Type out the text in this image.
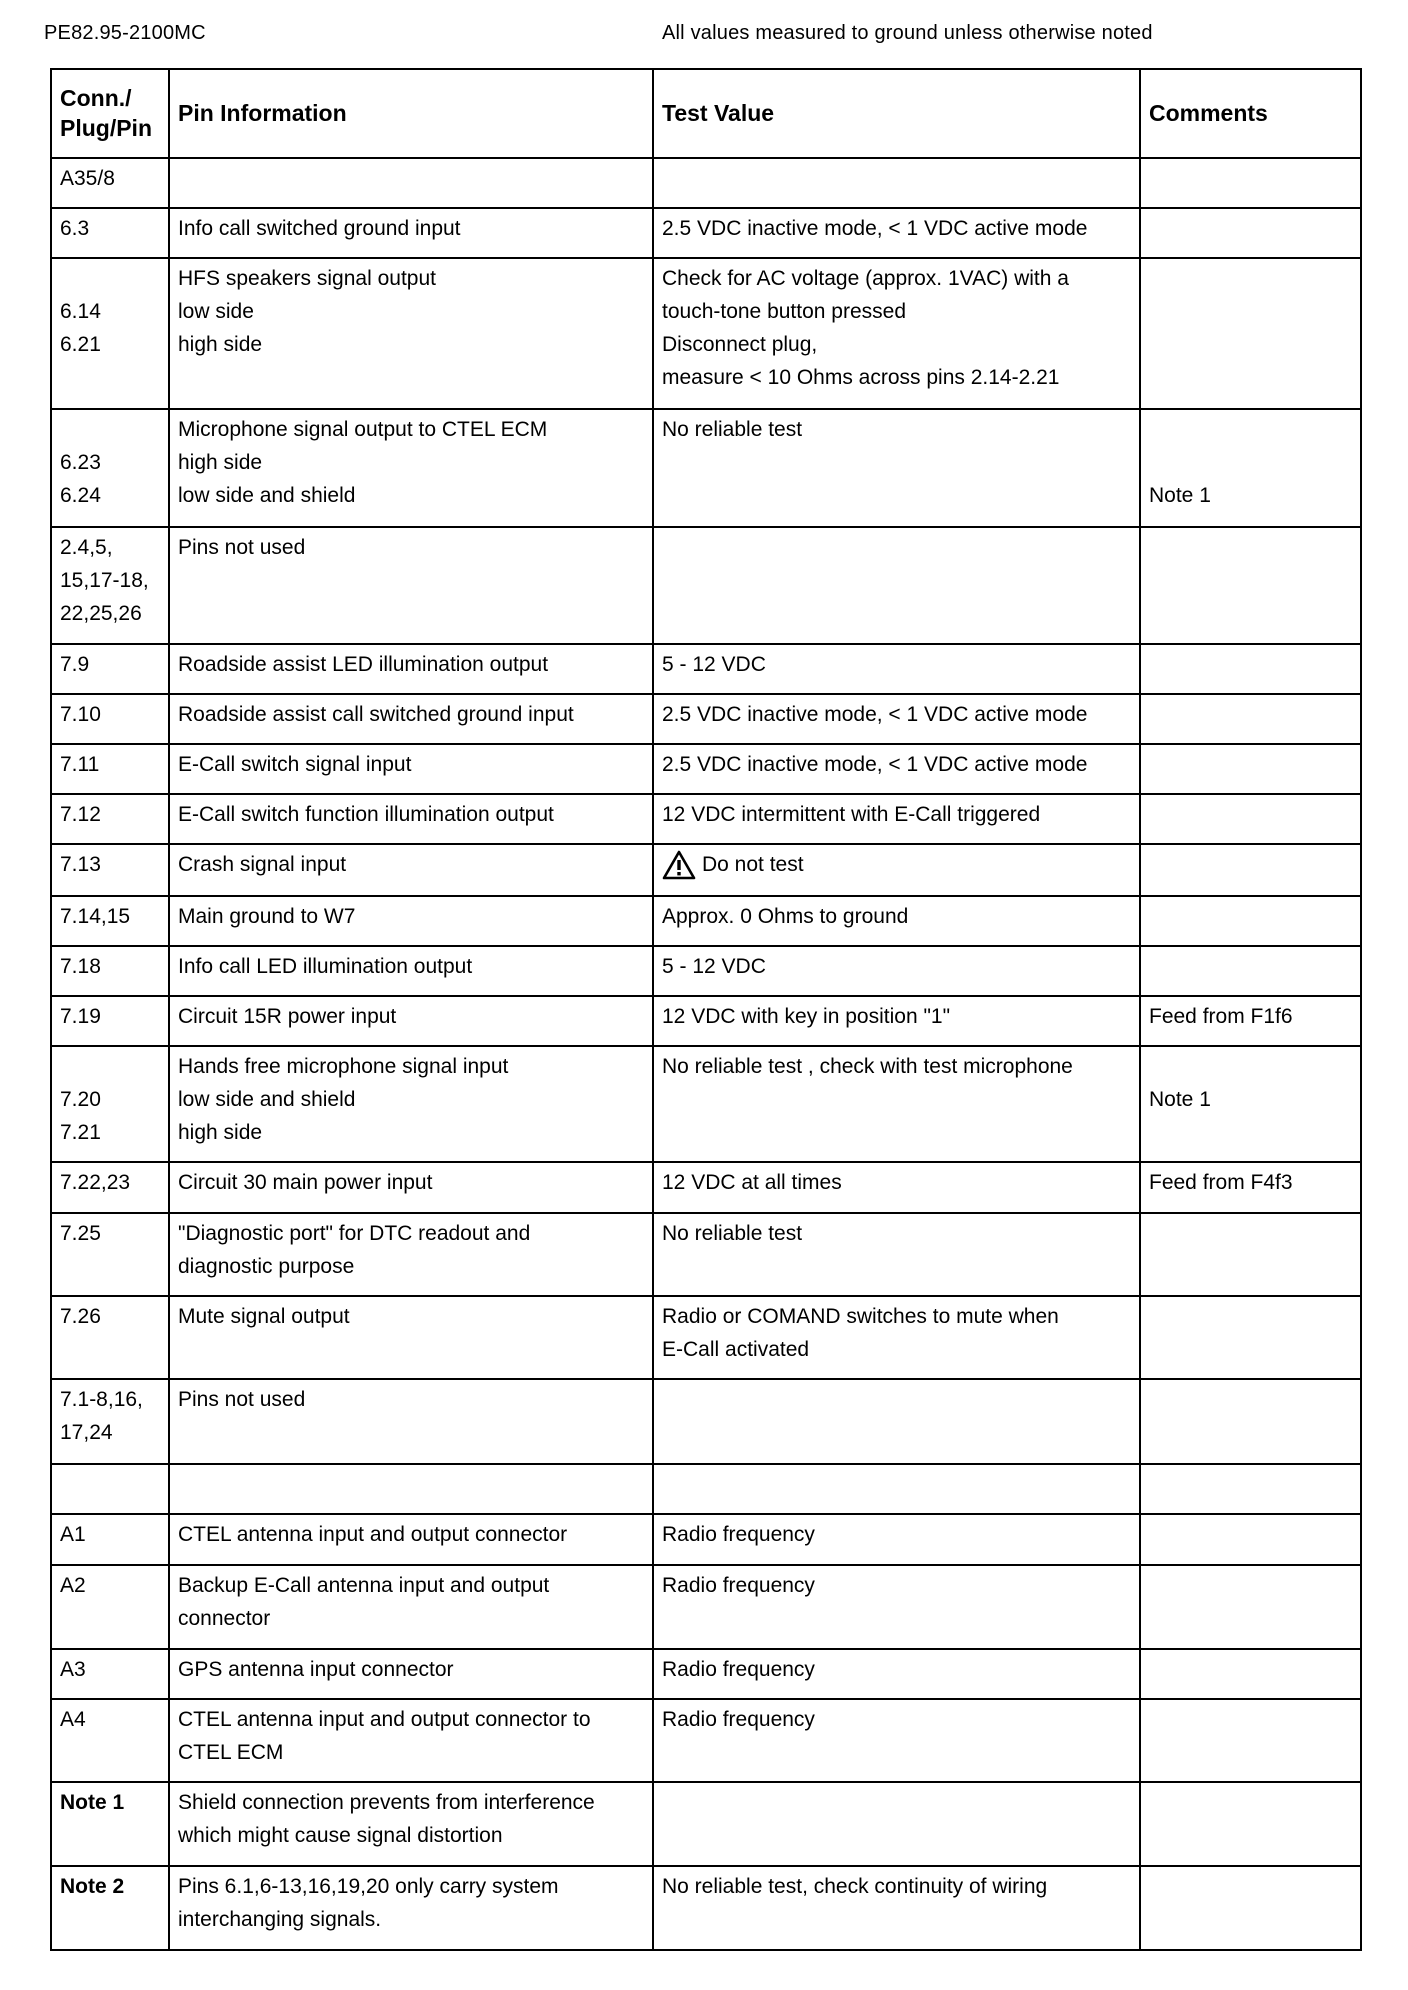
PE82.95-2100MC	All values measured to ground unless otherwise noted
Conn./ Plug/Pin	Pin Information	Test Value	Comments

A35/8			

6.3	Info call switched ground input	2.5 VDC inactive mode, < 1 VDC active mode	

6.14
6.21	HFS speakers signal output
low side
high side	Check for AC voltage (approx. 1VAC) with a
touch-tone button pressed
Disconnect plug,
measure < 10 Ohms across pins 2.14-2.21	

6.23
6.24	Microphone signal output to CTEL ECM
high side
low side and shield	No reliable test	Note 1

2.4,5,
15,17-18,
22,25,26	Pins not used		

7.9	Roadside assist LED illumination output	5 - 12 VDC	

7.10	Roadside assist call switched ground input	2.5 VDC inactive mode, < 1 VDC active mode	

7.11	E-Call switch signal input	2.5 VDC inactive mode, < 1 VDC active mode	

7.12	E-Call switch function illumination output	12 VDC intermittent with E-Call triggered	

7.13	Crash signal input	Do not test	

7.14,15	Main ground to W7	Approx. 0 Ohms to ground	

7.18	Info call LED illumination output	5 - 12 VDC	

7.19	Circuit 15R power input	12 VDC with key in position "1"	Feed from F1f6

7.20
7.21	Hands free microphone signal input
low side and shield
high side	No reliable test , check with test microphone	Note 1

7.22,23	Circuit 30 main power input	12 VDC at all times	Feed from F4f3

7.25	"Diagnostic port" for DTC readout and
diagnostic purpose	No reliable test	

7.26	Mute signal output	Radio or COMAND switches to mute when
E-Call activated	

7.1-8,16,
17,24	Pins not used		

A1	CTEL antenna input and output connector	Radio frequency	

A2	Backup E-Call antenna input and output
connector	Radio frequency	

A3	GPS antenna input connector	Radio frequency	

A4	CTEL antenna input and output connector to
CTEL ECM	Radio frequency	

Note 1	Shield connection prevents from interference
which might cause signal distortion		

Note 2	Pins 6.1,6-13,16,19,20 only carry system
interchanging signals.	No reliable test, check continuity of wiring	
